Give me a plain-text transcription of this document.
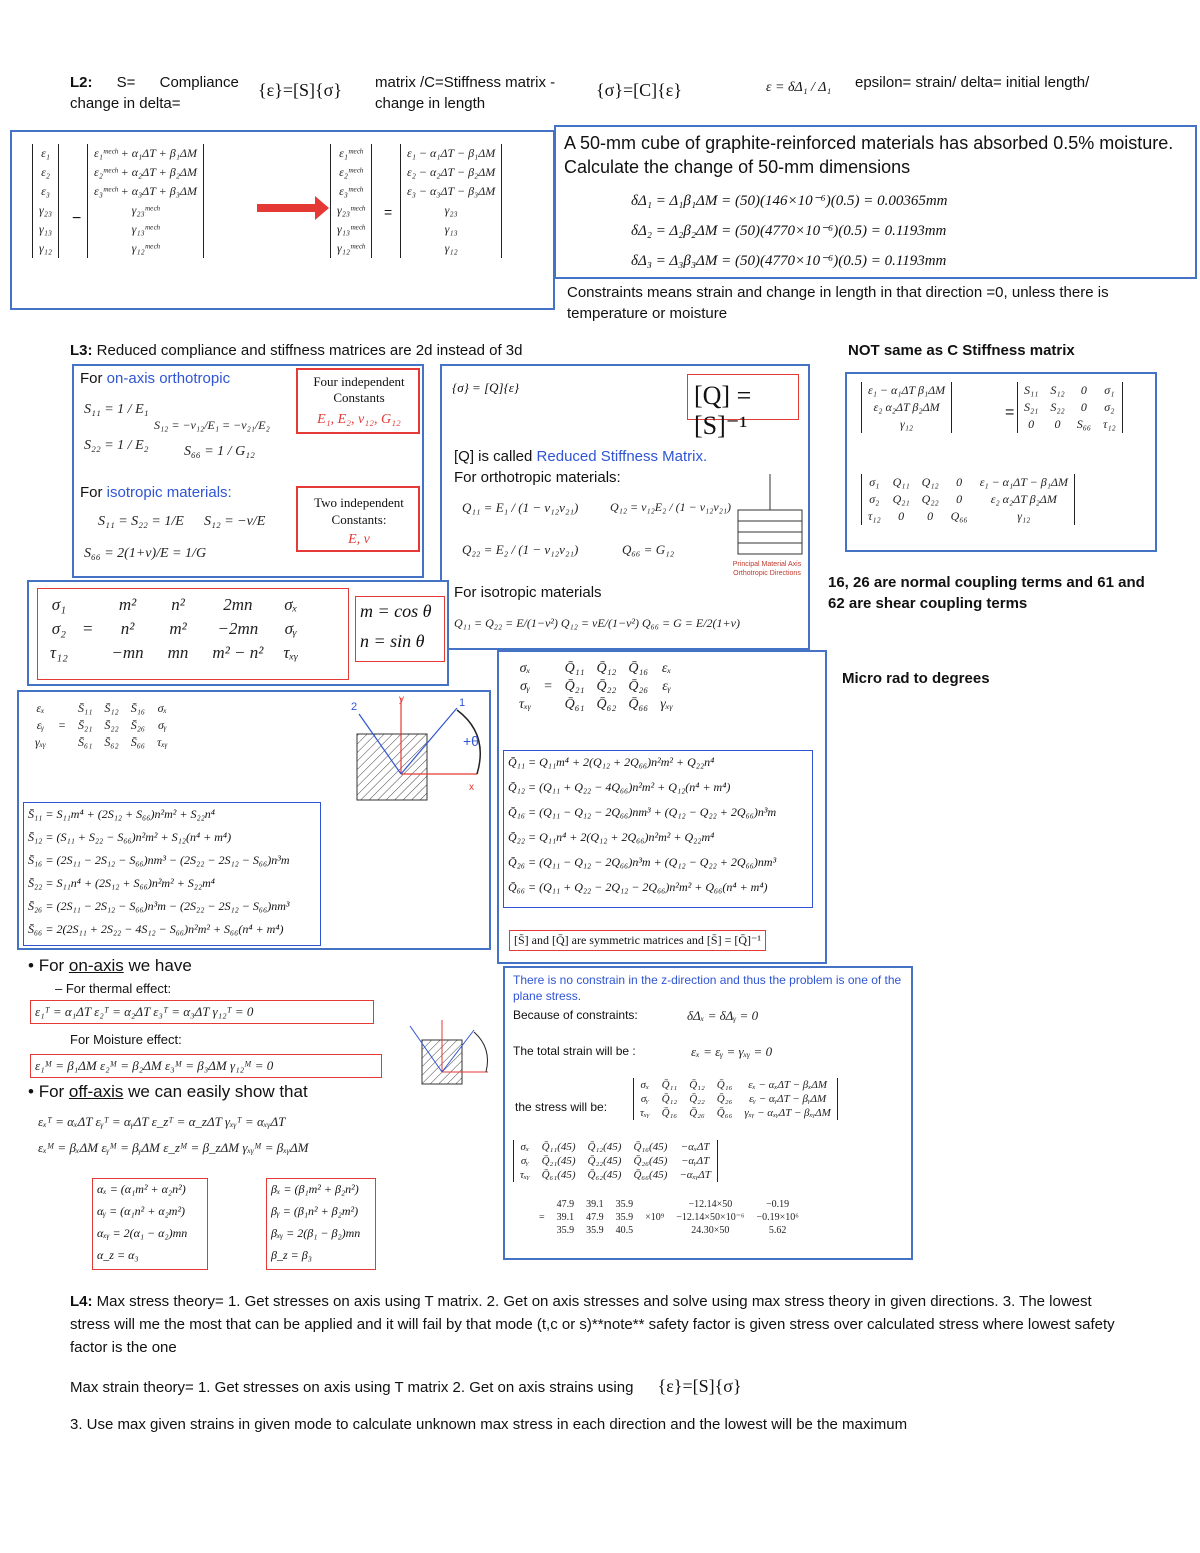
L2: S= Compliance
change in delta=
{ε}=[S]{σ} matrix /C=Stiffness matrix -
change in length
{σ}=[C]{ε}	ε = δΔ₁ / Δ₁ epsilon= strain/ delta= initial length/
ε₁
ε₂
ε₃
γ₂₃
γ₁₃
γ₁₂
−
ε₁ᵐᵉᶜʰ + α₁ΔT + β₁ΔM
ε₂ᵐᵉᶜʰ + α₂ΔT + β₂ΔM
ε₃ᵐᵉᶜʰ + α₃ΔT + β₃ΔM
γ₂₃ᵐᵉᶜʰ
γ₁₃ᵐᵉᶜʰ
γ₁₂ᵐᵉᶜʰ
ε₁ᵐᵉᶜʰ
ε₂ᵐᵉᶜʰ
ε₃ᵐᵉᶜʰ
γ₂₃ᵐᵉᶜʰ
γ₁₃ᵐᵉᶜʰ
γ₁₂ᵐᵉᶜʰ
=
ε₁ − α₁ΔT − β₁ΔM
ε₂ − α₂ΔT − β₂ΔM
ε₃ − α₃ΔT − β₃ΔM
γ₂₃
γ₁₃
γ₁₂
A 50-mm cube of graphite-reinforced materials has absorbed 0.5% moisture. Calculate the change of 50-mm dimensions
δΔ₁ = Δ₁β₁ΔM = (50)(146×10⁻⁶)(0.5) = 0.00365mm
δΔ₂ = Δ₂β₂ΔM = (50)(4770×10⁻⁶)(0.5) = 0.1193mm
δΔ₃ = Δ₃β₃ΔM = (50)(4770×10⁻⁶)(0.5) = 0.1193mm
Constraints means strain and change in length in that direction =0, unless there is temperature or moisture
L3: Reduced compliance and stiffness matrices are 2d instead of 3d	NOT same as C Stiffness matrix
For on-axis orthotropic
S₁₁ = 1 / E₁
S₂₂ = 1 / E₂
S₁₂ = −ν₁₂/E₁ = −ν₂₁/E₂
S₆₆ = 1 / G₁₂
For isotropic materials:
S₁₁ = S₂₂ = 1/E S₁₂ = −ν/E
S₆₆ = 2(1+ν)/E = 1/G
Four independent Constants
E₁, E₂, ν₁₂, G₁₂
Two independent Constants:
E, ν
{σ} = [Q]{ε}	[Q] = [S]⁻¹
[Q] is called Reduced Stiffness Matrix.
For orthotropic materials:
Q₁₁ = E₁ / (1 − ν₁₂ν₂₁)
Q₂₂ = E₂ / (1 − ν₁₂ν₂₁)
Q₁₂ = ν₁₂E₂ / (1 − ν₁₂ν₂₁)
Q₆₆ = G₁₂
Principal Material Axis Orthotropic Directions
For isotropic materials
Q₁₁ = Q₂₂ = E/(1−ν²) Q₁₂ = νE/(1−ν²) Q₆₆ = G = E/2(1+ν)
ε₁ − α₁ΔT β₁ΔM
ε₂ α₂ΔT β₂ΔM
γ₁₂
=
S₁₁	S₁₂	0	σ₁
S₂₁	S₂₂	0	σ₂
0	0	S₆₆	τ₁₂
σ₁	Q₁₁	Q₁₂	0	ε₁ − α₁ΔT − β₁ΔM
σ₂	Q₂₁	Q₂₂	0	ε₂ α₂ΔT β₂ΔM
τ₁₂	0	0	Q₆₆	γ₁₂
16, 26 are normal coupling terms and 61 and 62 are shear coupling terms
Micro rad to degrees
σ₁		m²	n²	2mn	σₓ
σ₂	=	n²	m²	−2mn	σᵧ
τ₁₂		−mn	mn	m² − n²	τₓᵧ
m = cos θ
n = sin θ
εₓ		S̄₁₁	S̄₁₂	S̄₁₆	σₓ
εᵧ	=	S̄₂₁	S̄₂₂	S̄₂₆	σᵧ
γₓᵧ		S̄₆₁	S̄₆₂	S̄₆₆	τₓᵧ
y
x
2	1
+θ
S̄₁₁ = S₁₁m⁴ + (2S₁₂ + S₆₆)n²m² + S₂₂n⁴
S̄₁₂ = (S₁₁ + S₂₂ − S₆₆)n²m² + S₁₂(n⁴ + m⁴)
S̄₁₆ = (2S₁₁ − 2S₁₂ − S₆₆)nm³ − (2S₂₂ − 2S₁₂ − S₆₆)n³m
S̄₂₂ = S₁₁n⁴ + (2S₁₂ + S₆₆)n²m² + S₂₂m⁴
S̄₂₆ = (2S₁₁ − 2S₁₂ − S₆₆)n³m − (2S₂₂ − 2S₁₂ − S₆₆)nm³
S̄₆₆ = 2(2S₁₁ + 2S₂₂ − 4S₁₂ − S₆₆)n²m² + S₆₆(n⁴ + m⁴)
σₓ		Q̄₁₁	Q̄₁₂	Q̄₁₆	εₓ
σᵧ	=	Q̄₂₁	Q̄₂₂	Q̄₂₆	εᵧ
τₓᵧ		Q̄₆₁	Q̄₆₂	Q̄₆₆	γₓᵧ
Q̄₁₁ = Q₁₁m⁴ + 2(Q₁₂ + 2Q₆₆)n²m² + Q₂₂n⁴
Q̄₁₂ = (Q₁₁ + Q₂₂ − 4Q₆₆)n²m² + Q₁₂(n⁴ + m⁴)
Q̄₁₆ = (Q₁₁ − Q₁₂ − 2Q₆₆)nm³ + (Q₁₂ − Q₂₂ + 2Q₆₆)n³m
Q̄₂₂ = Q₁₁n⁴ + 2(Q₁₂ + 2Q₆₆)n²m² + Q₂₂m⁴
Q̄₂₆ = (Q₁₁ − Q₁₂ − 2Q₆₆)n³m + (Q₁₂ − Q₂₂ + 2Q₆₆)nm³
Q̄₆₆ = (Q₁₁ + Q₂₂ − 2Q₁₂ − 2Q₆₆)n²m² + Q₆₆(n⁴ + m⁴)
[S̄] and [Q̄] are symmetric matrices and [S̄] = [Q̄]⁻¹
• For on-axis we have
– For thermal effect:
ε₁ᵀ = α₁ΔT ε₂ᵀ = α₂ΔT ε₃ᵀ = α₃ΔT γ₁₂ᵀ = 0
For Moisture effect:
ε₁ᴹ = β₁ΔM ε₂ᴹ = β₂ΔM ε₃ᴹ = β₃ΔM γ₁₂ᴹ = 0
• For off-axis we can easily show that
εₓᵀ = αₓΔT εᵧᵀ = αᵧΔT ε_zᵀ = α_zΔT γₓᵧᵀ = αₓᵧΔT
εₓᴹ = βₓΔM εᵧᴹ = βᵧΔM ε_zᴹ = β_zΔM γₓᵧᴹ = βₓᵧΔM
αₓ = (α₁m² + α₂n²)
αᵧ = (α₁n² + α₂m²)
αₓᵧ = 2(α₁ − α₂)mn
α_z = α₃
βₓ = (β₁m² + β₂n²)
βᵧ = (β₁n² + β₂m²)
βₓᵧ = 2(β₁ − β₂)mn
β_z = β₃
There is no constrain in the z-direction and thus the problem is one of the plane stress.
Because of constraints:	δΔₓ = δΔᵧ = 0
The total strain will be :	εₓ = εᵧ = γₓᵧ = 0
the stress will be:
σₓ	Q̄₁₁	Q̄₁₂	Q̄₁₆	εₓ − αₓΔT − βₓΔM
σᵧ	Q̄₁₂	Q̄₂₂	Q̄₂₆	εᵧ − αᵧΔT − βᵧΔM
τₓᵧ	Q̄₁₆	Q̄₂₆	Q̄₆₆	γₓᵧ − αₓᵧΔT − βₓᵧΔM
σₓ	Q̄₁₁(45)	Q̄₁₂(45)	Q̄₁₆(45)	−αₓΔT
σᵧ	Q̄₂₁(45)	Q̄₂₂(45)	Q̄₂₆(45)	−αᵧΔT
τₓᵧ	Q̄₆₁(45)	Q̄₆₂(45)	Q̄₆₆(45)	−αₓᵧΔT
	47.9	39.1	35.9		−12.14×50	−0.19
=	39.1	47.9	35.9	×10⁹	−12.14×50×10⁻⁶	−0.19×10⁶
	35.9	35.9	40.5		24.30×50	5.62
L4: Max stress theory= 1. Get stresses on axis using T matrix. 2. Get on axis stresses and solve using max stress theory in given directions. 3. The lowest stress will me the most that can be applied and it will fail by that mode (t,c or s)**note** safety factor is given stress over calculated stress where lowest safety factor is the one
Max strain theory= 1. Get stresses on axis using T matrix 2. Get on axis strains using {ε}=[S]{σ}
3. Use max given strains in given mode to calculate unknown max stress in each direction and the lowest will be the maximum
